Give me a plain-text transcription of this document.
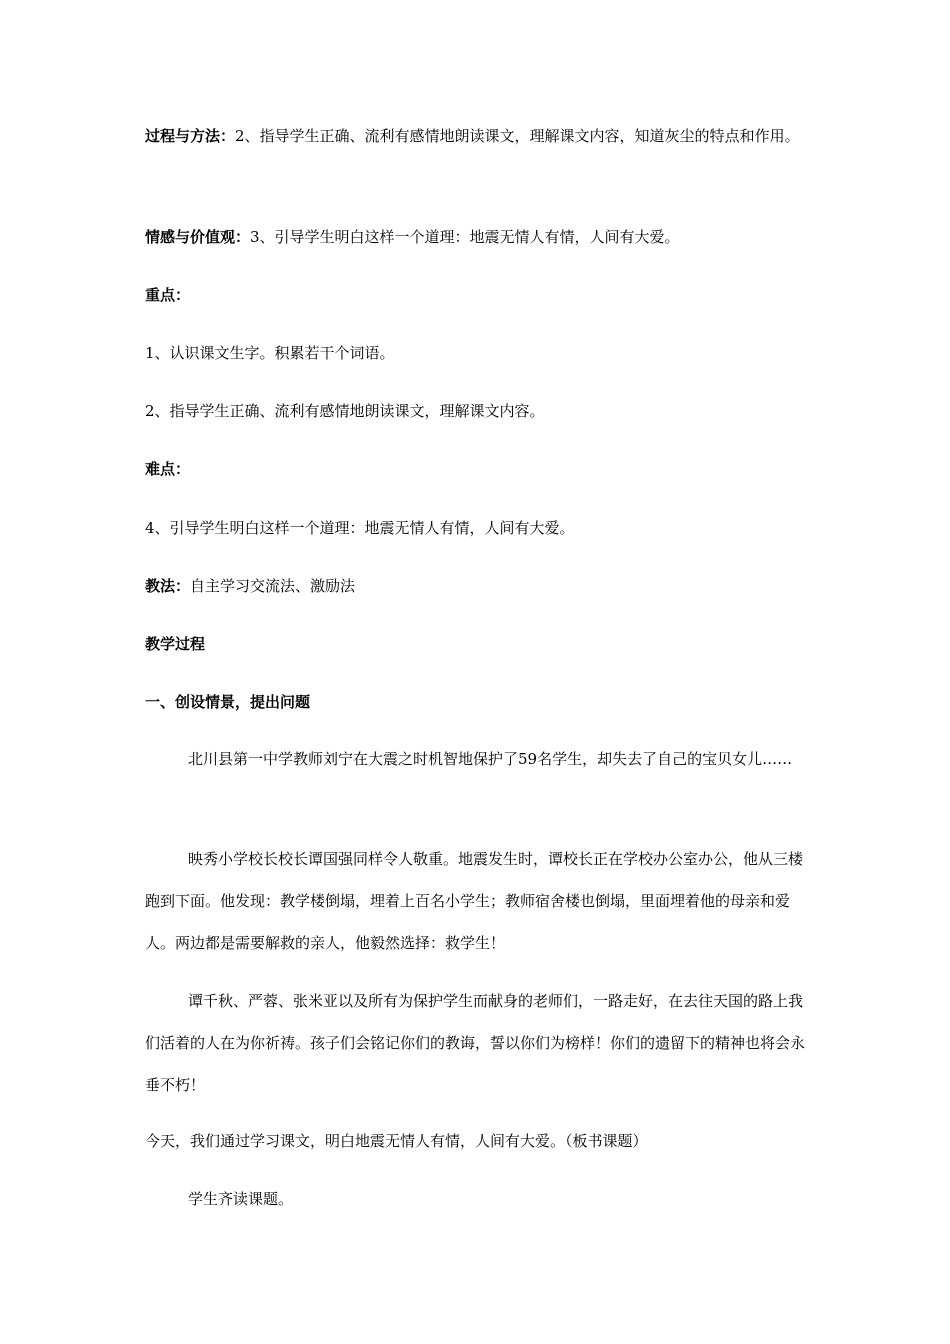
过程与方法：2、指导学生正确、流利有感情地朗读课文，理解课文内容，知道灰尘的特点和作用。

情感与价值观：3、引导学生明白这样一个道理：地震无情人有情，人间有大爱。

重点：

1、认识课文生字。积累若干个词语。

2、指导学生正确、流利有感情地朗读课文，理解课文内容。

难点：

4、引导学生明白这样一个道理：地震无情人有情，人间有大爱。

教法：自主学习交流法、激励法

教学过程

一、创设情景，提出问题

北川县第一中学教师刘宁在大震之时机智地保护了59名学生，却失去了自己的宝贝女儿……

映秀小学校长校长谭国强同样令人敬重。地震发生时，谭校长正在学校办公室办公，他从三楼跑到下面。他发现：教学楼倒塌，埋着上百名小学生；教师宿舍楼也倒塌，里面埋着他的母亲和爱人。两边都是需要解救的亲人，他毅然选择：救学生！

谭千秋、严蓉、张米亚以及所有为保护学生而献身的老师们，一路走好，在去往天国的路上我们活着的人在为你祈祷。孩子们会铭记你们的教诲，誓以你们为榜样！你们的遗留下的精神也将会永垂不朽！

今天，我们通过学习课文，明白地震无情人有情，人间有大爱。（板书课题）

学生齐读课题。
